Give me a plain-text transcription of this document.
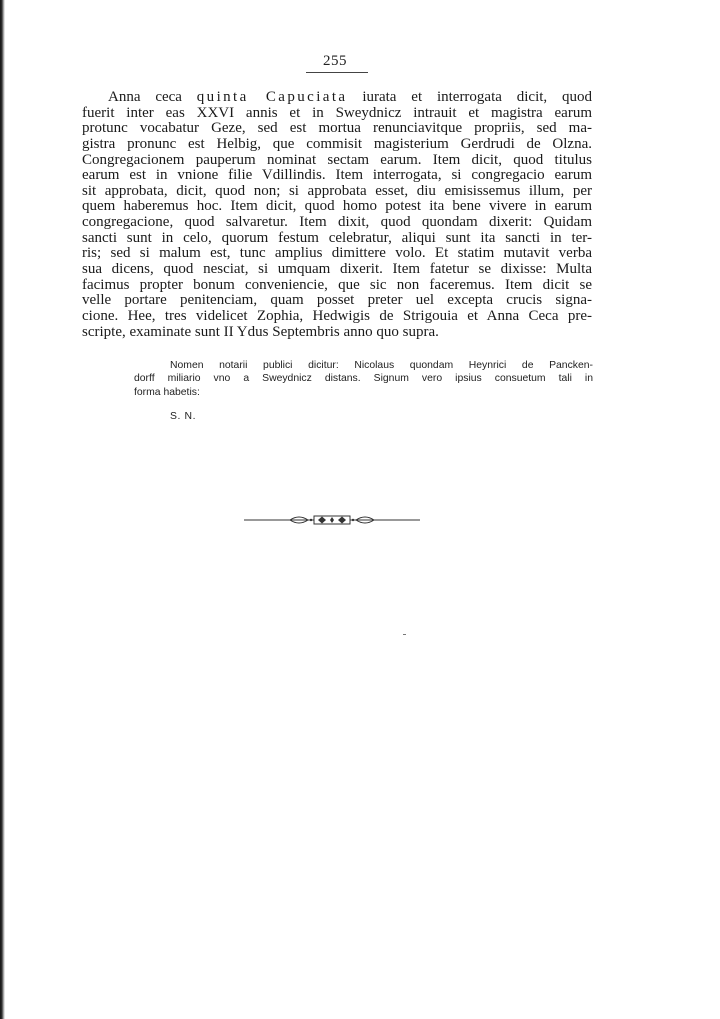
255
Anna ceca quinta Capuciata iurata et interrogata dicit, quod
fuerit inter eas XXVI annis et in Sweydnicz intrauit et magistra earum
protunc vocabatur Geze, sed est mortua renunciavitque propriis, sed ma-
gistra pronunc est Helbig, que commisit magisterium Gerdrudi de Olzna.
Congregacionem pauperum nominat sectam earum. Item dicit, quod titulus
earum est in vnione filie Vdillindis. Item interrogata, si congregacio earum
sit approbata, dicit, quod non; si approbata esset, diu emisissemus illum, per
quem haberemus hoc. Item dicit, quod homo potest ita bene vivere in earum
congregacione, quod salvaretur. Item dixit, quod quondam dixerit: Quidam
sancti sunt in celo, quorum festum celebratur, aliqui sunt ita sancti in ter-
ris; sed si malum est, tunc amplius dimittere volo. Et statim mutavit verba
sua dicens, quod nesciat, si umquam dixerit. Item fatetur se dixisse: Multa
facimus propter bonum conveniencie, que sic non faceremus. Item dicit se
velle portare penitenciam, quam posset preter uel excepta crucis signa-
cione. Hee, tres videlicet Zophia, Hedwigis de Strigouia et Anna Ceca pre-
scripte, examinate sunt II Ydus Septembris anno quo supra.
Nomen notarii publici dicitur: Nicolaus quondam Heynrici de Pancken-
dorff miliario vno a Sweydnicz distans. Signum vero ipsius consuetum tali in
forma habetis:
S. N.
